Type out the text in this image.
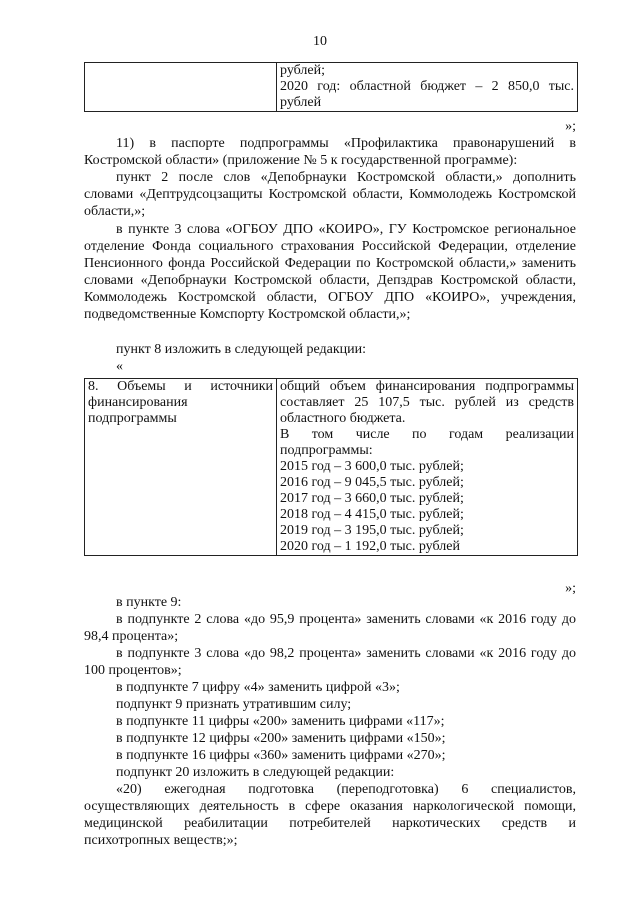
10

рублей;
2020 год: областной бюджет – 2 850,0 тыс.
рублей
»;
11) в паспорте подпрограммы «Профилактика правонарушений в Костромской области» (приложение № 5 к государственной программе):
пункт 2 после слов «Депобрнауки Костромской области,» дополнить словами «Дептрудсоцзащиты Костромской области, Коммолодежь Костромской области,»;
в пункте 3 слова «ОГБОУ ДПО «КОИРО», ГУ Костромское региональное отделение Фонда социального страхования Российской Федерации, отделение Пенсионного фонда Российской Федерации по Костромской области,» заменить словами «Депобрнауки Костромской области, Депздрав Костромской области, Коммолодежь Костромской области, ОГБОУ ДПО «КОИРО», учреждения, подведомственные Комспорту Костромской области,»;
пункт 8 изложить в следующей редакции:
«
8. Объемы и источники финансирования подпрограммы

общий объем финансирования подпрограммы составляет 25 107,5 тыс. рублей из средств областного бюджета.
В том числе по годам реализации подпрограммы:
2015 год – 3 600,0 тыс. рублей;
2016 год – 9 045,5 тыс. рублей;
2017 год – 3 660,0 тыс. рублей;
2018 год – 4 415,0 тыс. рублей;
2019 год – 3 195,0 тыс. рублей;
2020 год – 1 192,0 тыс. рублей
»;
в пункте 9:
в подпункте 2 слова «до 95,9 процента» заменить словами «к 2016 году до 98,4 процента»;
в подпункте 3 слова «до 98,2 процента» заменить словами «к 2016 году до 100 процентов»;
в подпункте 7 цифру «4» заменить цифрой «3»;
подпункт 9 признать утратившим силу;
в подпункте 11 цифры «200» заменить цифрами «117»;
в подпункте 12 цифры «200» заменить цифрами «150»;
в подпункте 16 цифры «360» заменить цифрами «270»;
подпункт 20 изложить в следующей редакции:
«20) ежегодная подготовка (переподготовка) 6 специалистов, осуществляющих деятельность в сфере оказания наркологической помощи, медицинской реабилитации потребителей наркотических средств и психотропных веществ;»;
